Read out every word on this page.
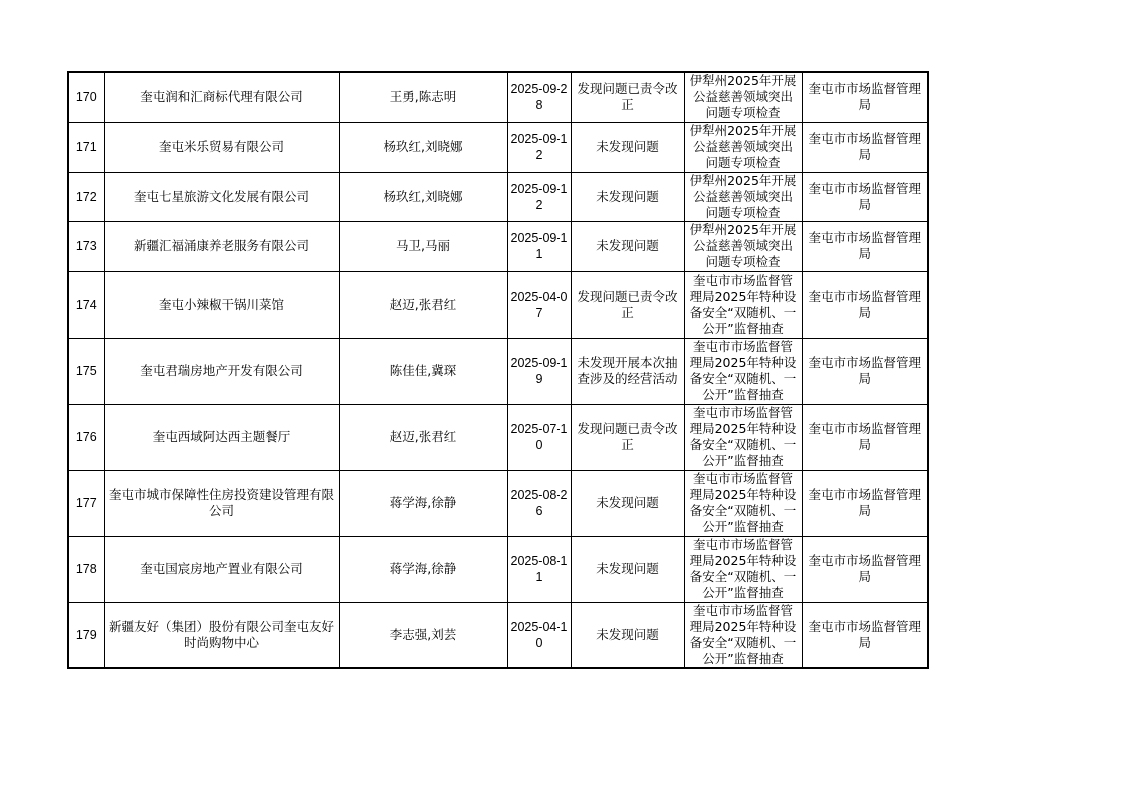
170	奎屯润和汇商标代理有限公司	王勇,陈志明	2025-09-28	发现问题已责令改正	伊犁州2025年开展公益慈善领域突出问题专项检查	奎屯市市场监督管理局
171	奎屯米乐贸易有限公司	杨玖红,刘晓娜	2025-09-12	未发现问题	伊犁州2025年开展公益慈善领域突出问题专项检查	奎屯市市场监督管理局
172	奎屯七星旅游文化发展有限公司	杨玖红,刘晓娜	2025-09-12	未发现问题	伊犁州2025年开展公益慈善领域突出问题专项检查	奎屯市市场监督管理局
173	新疆汇福涌康养老服务有限公司	马卫,马丽	2025-09-11	未发现问题	伊犁州2025年开展公益慈善领域突出问题专项检查	奎屯市市场监督管理局
174	奎屯小辣椒干锅川菜馆	赵迈,张君红	2025-04-07	发现问题已责令改正	奎屯市市场监督管理局2025年特种设备安全“双随机、一公开”监督抽查	奎屯市市场监督管理局
175	奎屯君瑞房地产开发有限公司	陈佳佳,冀琛	2025-09-19	未发现开展本次抽查涉及的经营活动	奎屯市市场监督管理局2025年特种设备安全“双随机、一公开”监督抽查	奎屯市市场监督管理局
176	奎屯西域阿达西主题餐厅	赵迈,张君红	2025-07-10	发现问题已责令改正	奎屯市市场监督管理局2025年特种设备安全“双随机、一公开”监督抽查	奎屯市市场监督管理局
177	奎屯市城市保障性住房投资建设管理有限公司	蒋学海,徐静	2025-08-26	未发现问题	奎屯市市场监督管理局2025年特种设备安全“双随机、一公开”监督抽查	奎屯市市场监督管理局
178	奎屯国宸房地产置业有限公司	蒋学海,徐静	2025-08-11	未发现问题	奎屯市市场监督管理局2025年特种设备安全“双随机、一公开”监督抽查	奎屯市市场监督管理局
179	新疆友好（集团）股份有限公司奎屯友好时尚购物中心	李志强,刘芸	2025-04-10	未发现问题	奎屯市市场监督管理局2025年特种设备安全“双随机、一公开”监督抽查	奎屯市市场监督管理局
